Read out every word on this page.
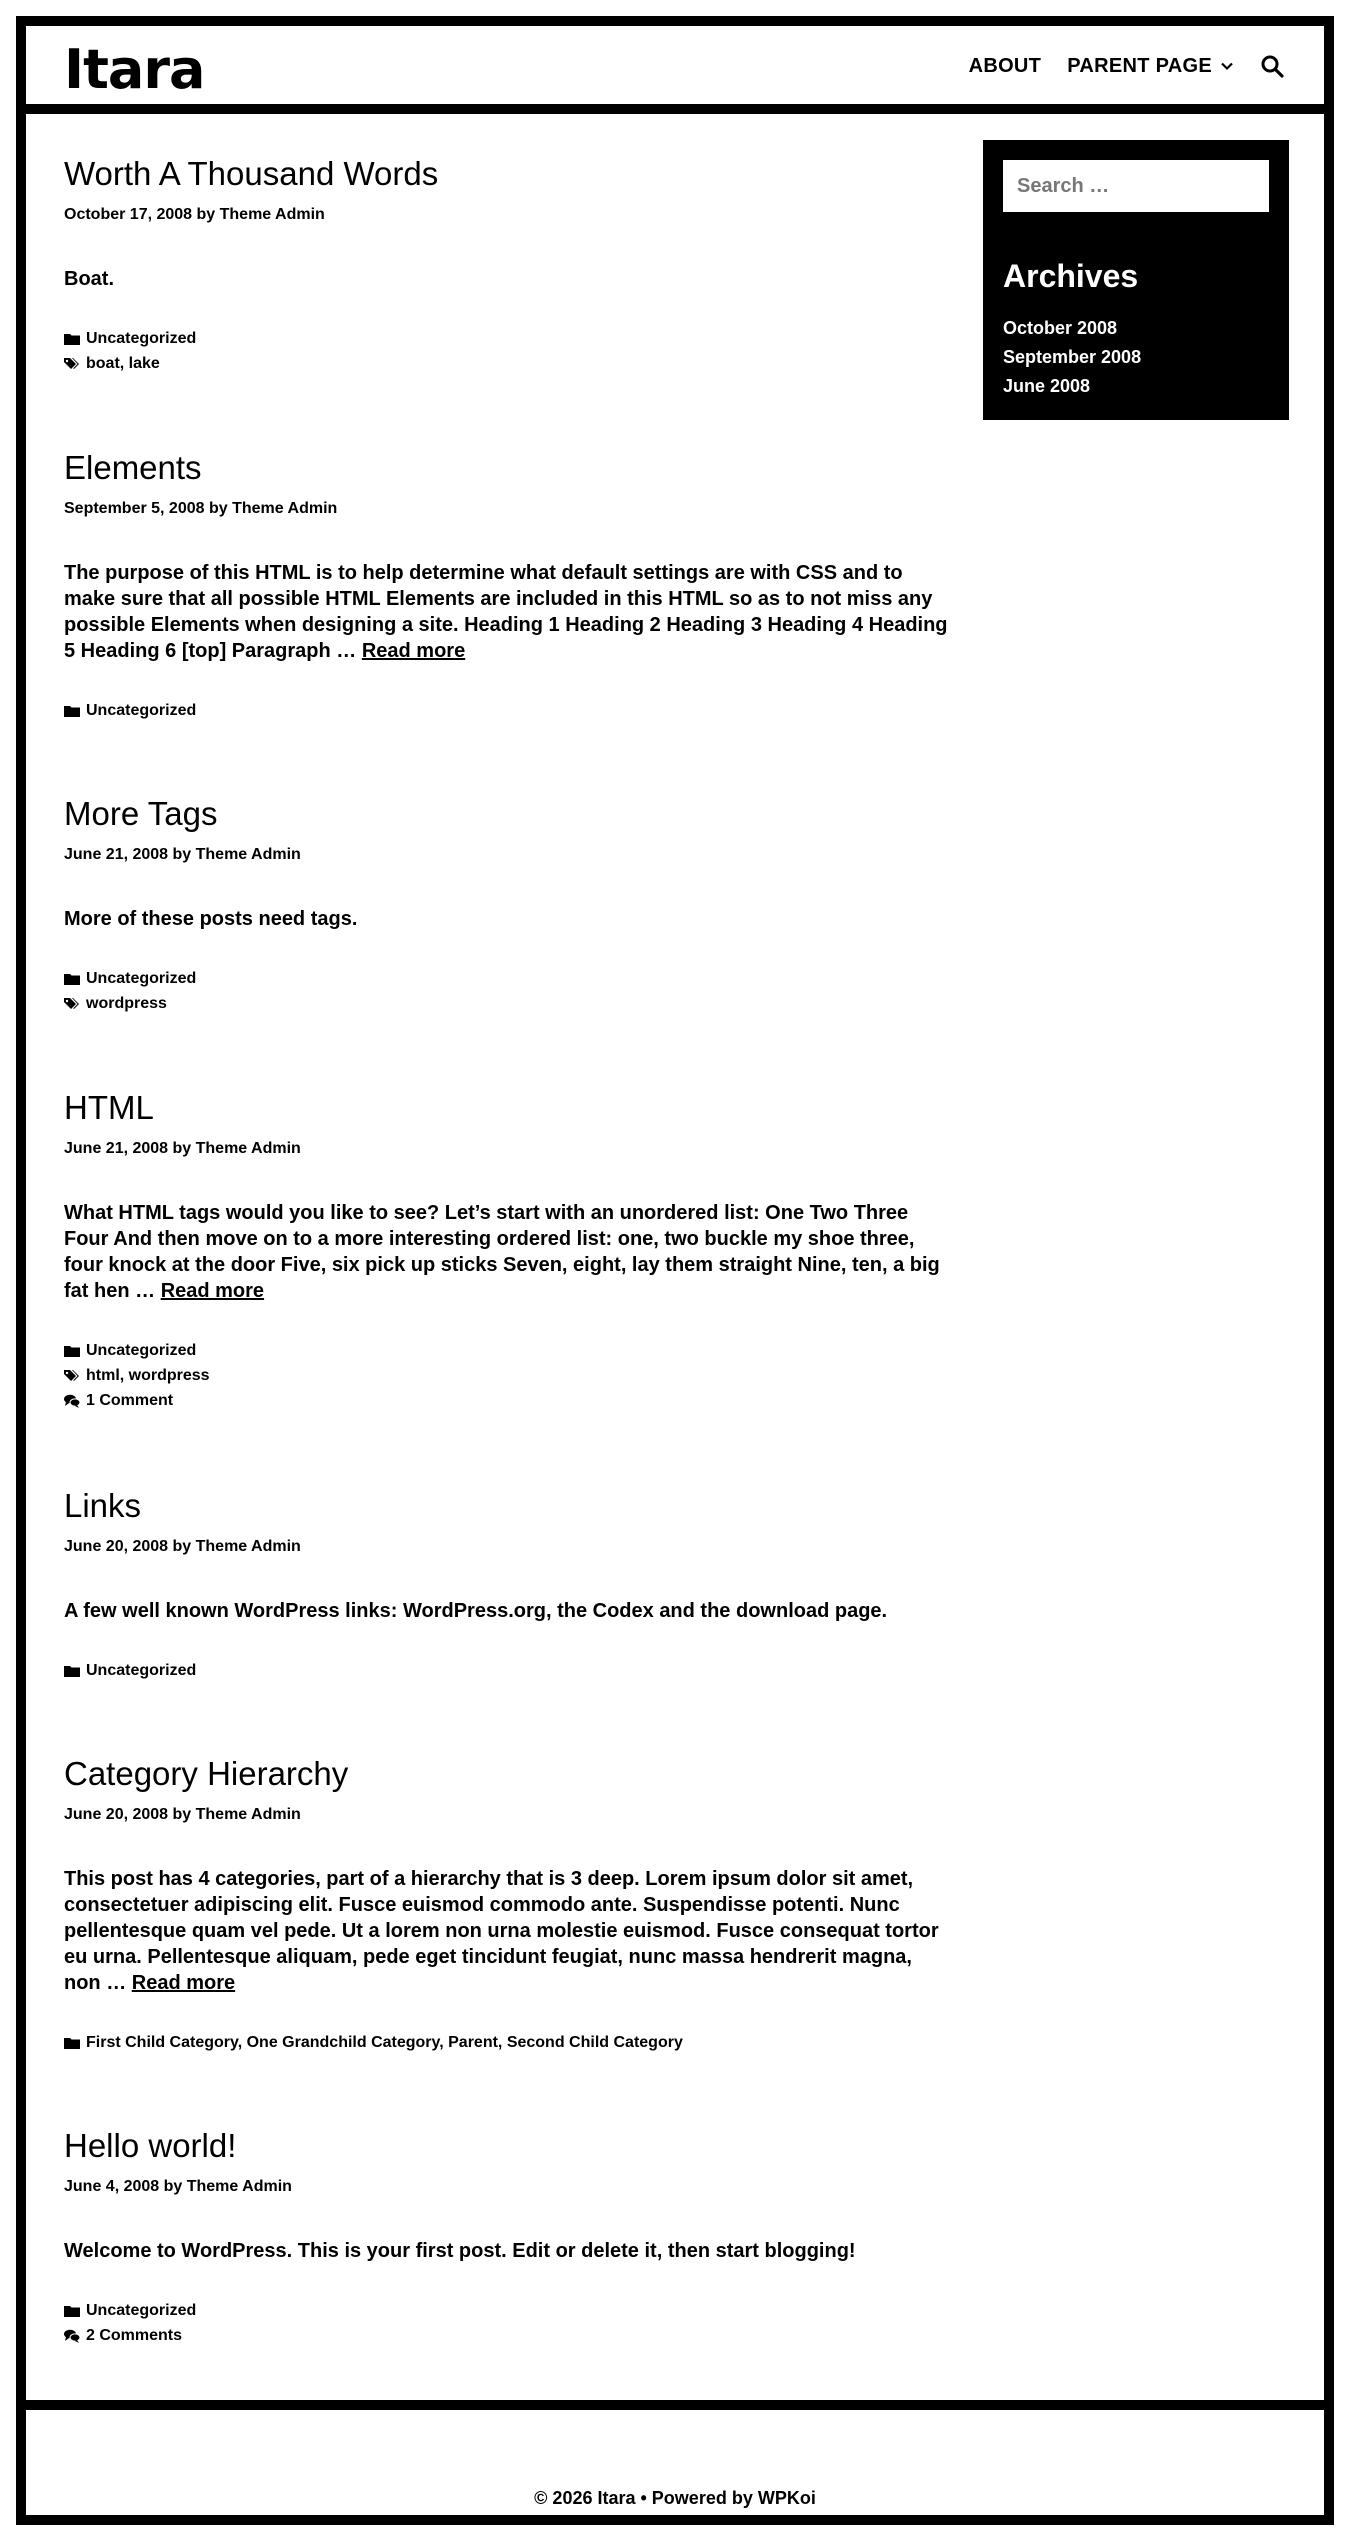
Itara	ABOUT PARENT PAGE
Worth A Thousand Words
October 17, 2008 by Theme Admin

Boat.

Uncategorized
boat, lake
Elements
September 5, 2008 by Theme Admin

The purpose of this HTML is to help determine what default settings are with CSS and to make sure that all possible HTML Elements are included in this HTML so as to not miss any possible Elements when designing a site. Heading 1 Heading 2 Heading 3 Heading 4 Heading 5 Heading 6 [top] Paragraph … Read more

Uncategorized
More Tags
June 21, 2008 by Theme Admin

More of these posts need tags.

Uncategorized
wordpress
HTML
June 21, 2008 by Theme Admin

What HTML tags would you like to see? Let’s start with an unordered list: One Two Three Four And then move on to a more interesting ordered list: one, two buckle my shoe three, four knock at the door Five, six pick up sticks Seven, eight, lay them straight Nine, ten, a big fat hen … Read more

Uncategorized
html, wordpress
1 Comment
Links
June 20, 2008 by Theme Admin

A few well known WordPress links: WordPress.org, the Codex and the download page.

Uncategorized
Category Hierarchy
June 20, 2008 by Theme Admin

This post has 4 categories, part of a hierarchy that is 3 deep. Lorem ipsum dolor sit amet, consectetuer adipiscing elit. Fusce euismod commodo ante. Suspendisse potenti. Nunc pellentesque quam vel pede. Ut a lorem non urna molestie euismod. Fusce consequat tortor eu urna. Pellentesque aliquam, pede eget tincidunt feugiat, nunc massa hendrerit magna, non … Read more

First Child Category, One Grandchild Category, Parent, Second Child Category
Hello world!
June 4, 2008 by Theme Admin

Welcome to WordPress. This is your first post. Edit or delete it, then start blogging!

Uncategorized
2 Comments
Search …
Archives
October 2008
September 2008
June 2008
© 2026 Itara • Powered by WPKoi
